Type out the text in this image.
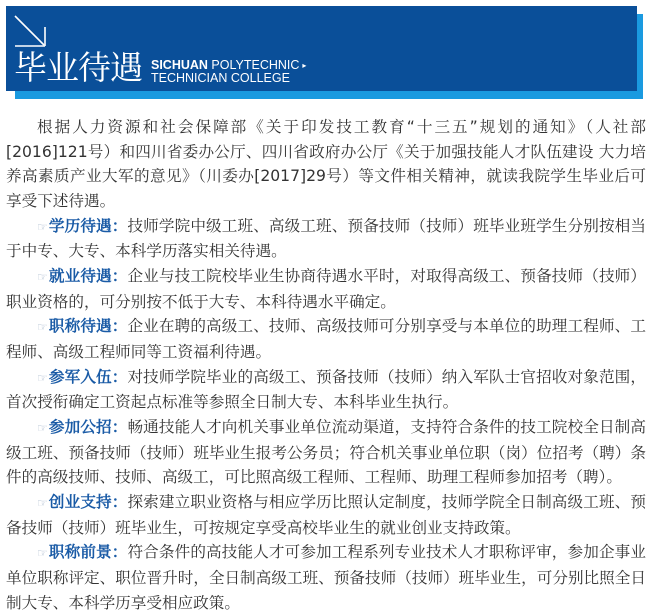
毕业待遇 SICHUAN POLYTECHNIC ▸
TECHNICIAN COLLEGE

根据人力资源和社会保障部《关于印发技工教育“十三五”规划的通知》（人社部[2016]121号）和四川省委办公厅、四川省政府办公厅《关于加强技能人才队伍建设 大力培养高素质产业大军的意见》（川委办[2017]29号）等文件相关精神，就读我院学生毕业后可享受下述待遇。

☞学历待遇：技师学院中级工班、高级工班、预备技师（技师）班毕业班学生分别按相当于中专、大专、本科学历落实相关待遇。

☞就业待遇：企业与技工院校毕业生协商待遇水平时，对取得高级工、预备技师（技师）职业资格的，可分别按不低于大专、本科待遇水平确定。

☞职称待遇：企业在聘的高级工、技师、高级技师可分别享受与本单位的助理工程师、工程师、高级工程师同等工资福利待遇。

☞参军入伍：对技师学院毕业的高级工、预备技师（技师）纳入军队士官招收对象范围，首次授衔确定工资起点标准等参照全日制大专、本科毕业生执行。

☞参加公招：畅通技能人才向机关事业单位流动渠道，支持符合条件的技工院校全日制高级工班、预备技师（技师）班毕业生报考公务员；符合机关事业单位职（岗）位招考（聘）条件的高级技师、技师、高级工，可比照高级工程师、工程师、助理工程师参加招考（聘）。

☞创业支持：探索建立职业资格与相应学历比照认定制度，技师学院全日制高级工班、预备技师（技师）班毕业生，可按规定享受高校毕业生的就业创业支持政策。

☞职称前景：符合条件的高技能人才可参加工程系列专业技术人才职称评审，参加企事业单位职称评定、职位晋升时，全日制高级工班、预备技师（技师）班毕业生，可分别比照全日制大专、本科学历享受相应政策。
